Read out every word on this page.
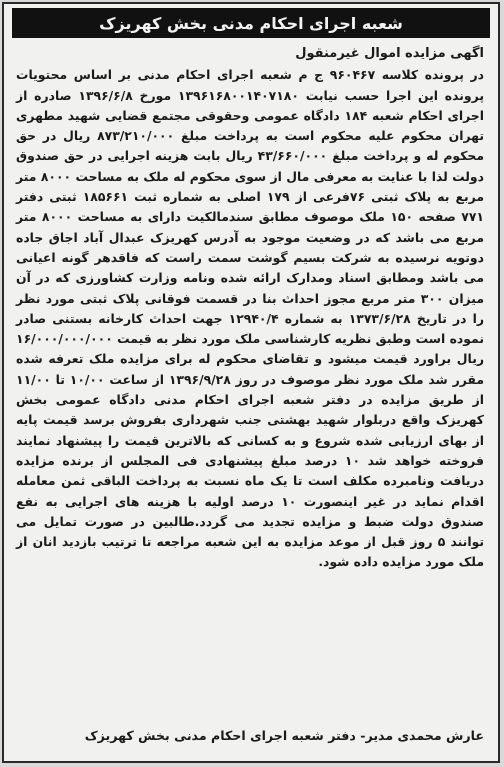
شعبه اجرای احکام مدنی بخش کهریزک
اگهی مزایده اموال غیرمنقول

در پرونده کلاسه ۹۶۰۴۶۷ ج م شعبه اجرای احکام مدنی بر اساس محتویات پرونده این اجرا حسب نیابت ۱۳۹۶۱۶۸۰۰۱۴۰۷۱۸۰ مورخ ۱۳۹۶/۶/۸ صادره از اجرای احکام شعبه ۱۸۴ دادگاه عمومی وحقوقی مجتمع قضایی شهید مطهری تهران محکوم علیه محکوم است به پرداخت مبلغ ۸۷۳/۲۱۰/۰۰۰ ریال در حق محکوم له و پرداخت مبلغ ۴۳/۶۶۰/۰۰۰ ریال بابت هزینه اجرایی در حق صندوق دولت لذا با عنایت به معرفی مال از سوی محکوم له ملک به مساحت ۸۰۰۰ متر مربع به پلاک ثبتی ۷۶فرعی از ۱۷۹ اصلی به شماره ثبت ۱۸۵۶۶۱ ثبتی دفتر ۷۷۱ صفحه ۱۵۰ ملک موصوف مطابق سندمالکیت دارای به مساحت ۸۰۰۰ متر مربع می باشد که در وضعیت موجود به آدرس کهریزک عبدال آباد اجاق جاده دوتویه نرسیده به شرکت بسیم گوشت سمت راست که فاقدهر گونه اعیانی می باشد ومطابق اسناد ومدارک ارائه شده ونامه وزارت کشاورزی که در آن میزان ۳۰۰ متر مربع مجوز احداث بنا در قسمت فوقانی پلاک ثبتی مورد نظر را در تاریخ ۱۳۷۳/۶/۲۸ به شماره ۱۲۹۴۰/۴ جهت احداث کارخانه بستنی صادر نموده است وطبق نظریه کارشناسی ملک مورد نظر به قیمت ۱۶/۰۰۰/۰۰۰/۰۰۰ ریال براورد قیمت میشود و تقاضای محکوم له برای مزایده ملک تعرفه شده مقرر شد ملک مورد نظر موصوف در روز ۱۳۹۶/۹/۲۸ از ساعت ۱۰/۰۰ تا ۱۱/۰۰ از طریق مزایده در دفتر شعبه اجرای احکام مدنی دادگاه عمومی بخش کهریزک واقع دربلوار شهید بهشتی جنب شهرداری بفروش برسد قیمت پایه از بهای ارزیابی شده شروع و به کسانی که بالاترین قیمت را پیشنهاد نمایند فروخته خواهد شد ۱۰ درصد مبلغ پیشنهادی فی المجلس از برنده مزایده دریافت ونامبرده مکلف است تا یک ماه نسبت به پرداخت الباقی ثمن معامله اقدام نماید در غیر اینصورت ۱۰ درصد اولیه با هزینه های اجرایی به نفع صندوق دولت ضبط و مزایده تجدید می گردد.طالبین در صورت تمایل می توانند ۵ روز قبل از موعد مزایده به این شعبه مراجعه تا ترتیب بازدید انان از ملک مورد مزایده داده شود.

عارش محمدی مدیر- دفتر شعبه اجرای احکام مدنی بخش کهریزک
